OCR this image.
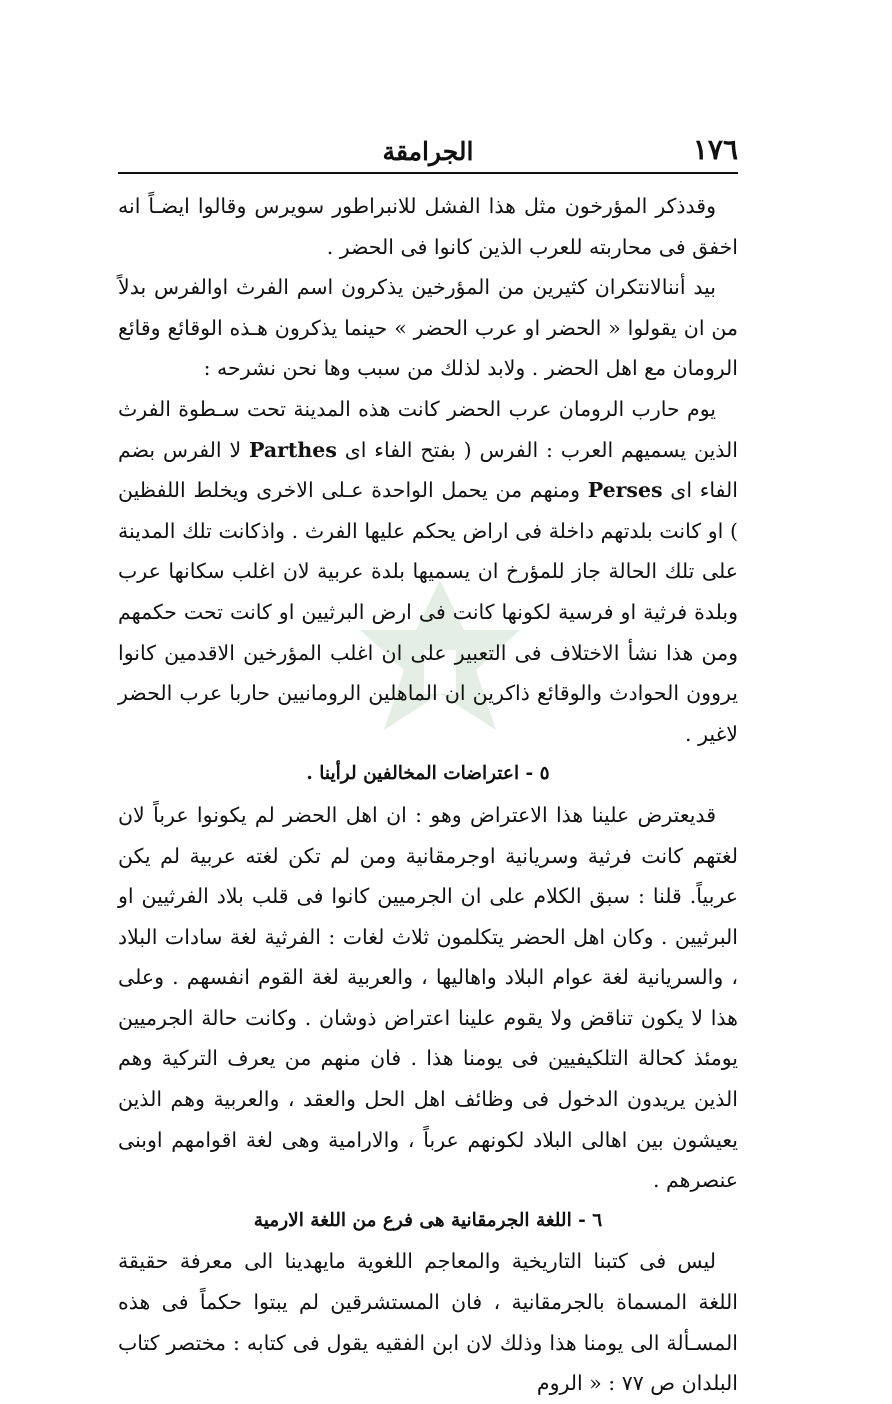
١٧٦
الجرامقة

وقدذكر المؤرخون مثل هذا الفشل للانبراطور سويرس وقالوا ايضـاً انه اخفق فى محاربته للعرب الذين كانوا فى الحضر .

بيد أننالانتكران كثيرين من المؤرخين يذكرون اسم الفرث اوالفرس بدلاً من ان يقولوا « الحضر او عرب الحضر » حينما يذكرون هـذه الوقائع وقائع الرومان مع اهل الحضر . ولابد لذلك من سبب وها نحن نشرحه :

يوم حارب الرومان عرب الحضر كانت هذه المدينة تحت سـطوة الفرث الذين يسميهم العرب : الفرس ( بفتح الفاء اى Parthes لا الفرس بضم الفاء اى Perses ومنهم من يحمل الواحدة عـلى الاخرى ويخلط اللفظين ) او كانت بلدتهم داخلة فى اراض يحكم عليها الفرث . واذكانت تلك المدينة على تلك الحالة جاز للمؤرخ ان يسميها بلدة عربية لان اغلب سكانها عرب وبلدة فرثية او فرسية لكونها كانت فى ارض البرثيين او كانت تحت حكمهم ومن هذا نشأ الاختلاف فى التعبير على ان اغلب المؤرخين الاقدمين كانوا يروون الحوادث والوقائع ذاكرين ان الماهلين الرومانيين حاربا عرب الحضر لاغير .

٥ - اعتراضات المخالفين لرأينا .

قديعترض علينا هذا الاعتراض وهو : ان اهل الحضر لم يكونوا عرباً لان لغتهم كانت فرثية وسريانية اوجرمقانية ومن لم تكن لغته عربية لم يكن عربياً. قلنا : سبق الكلام على ان الجرميين كانوا فى قلب بلاد الفرثيين او البرثيين . وكان اهل الحضر يتكلمون ثلاث لغات : الفرثية لغة سادات البلاد ، والسريانية لغة عوام البلاد واهاليها ، والعربية لغة القوم انفسهم . وعلى هذا لا يكون تناقض ولا يقوم علينا اعتراض ذوشان . وكانت حالة الجرميين يومئذ كحالة التلكيفيين فى يومنا هذا . فان منهم من يعرف التركية وهم الذين يريدون الدخول فى وظائف اهل الحل والعقد ، والعربية وهم الذين يعيشون بين اهالى البلاد لكونهم عرباً ، والارامية وهى لغة اقوامهم اوبنى عنصرهم .

٦ - اللغة الجرمقانية هى فرع من اللغة الارمية

ليس فى كتبنا التاريخية والمعاجم اللغوية مايهدينا الى معرفة حقيقة اللغة المسماة بالجرمقانية ، فان المستشرقين لم يبتوا حكماً فى هذه المسـألة الى يومنا هذا وذلك لان ابن الفقيه يقول فى كتابه : مختصر كتاب البلدان ص ٧٧ : « الروم
